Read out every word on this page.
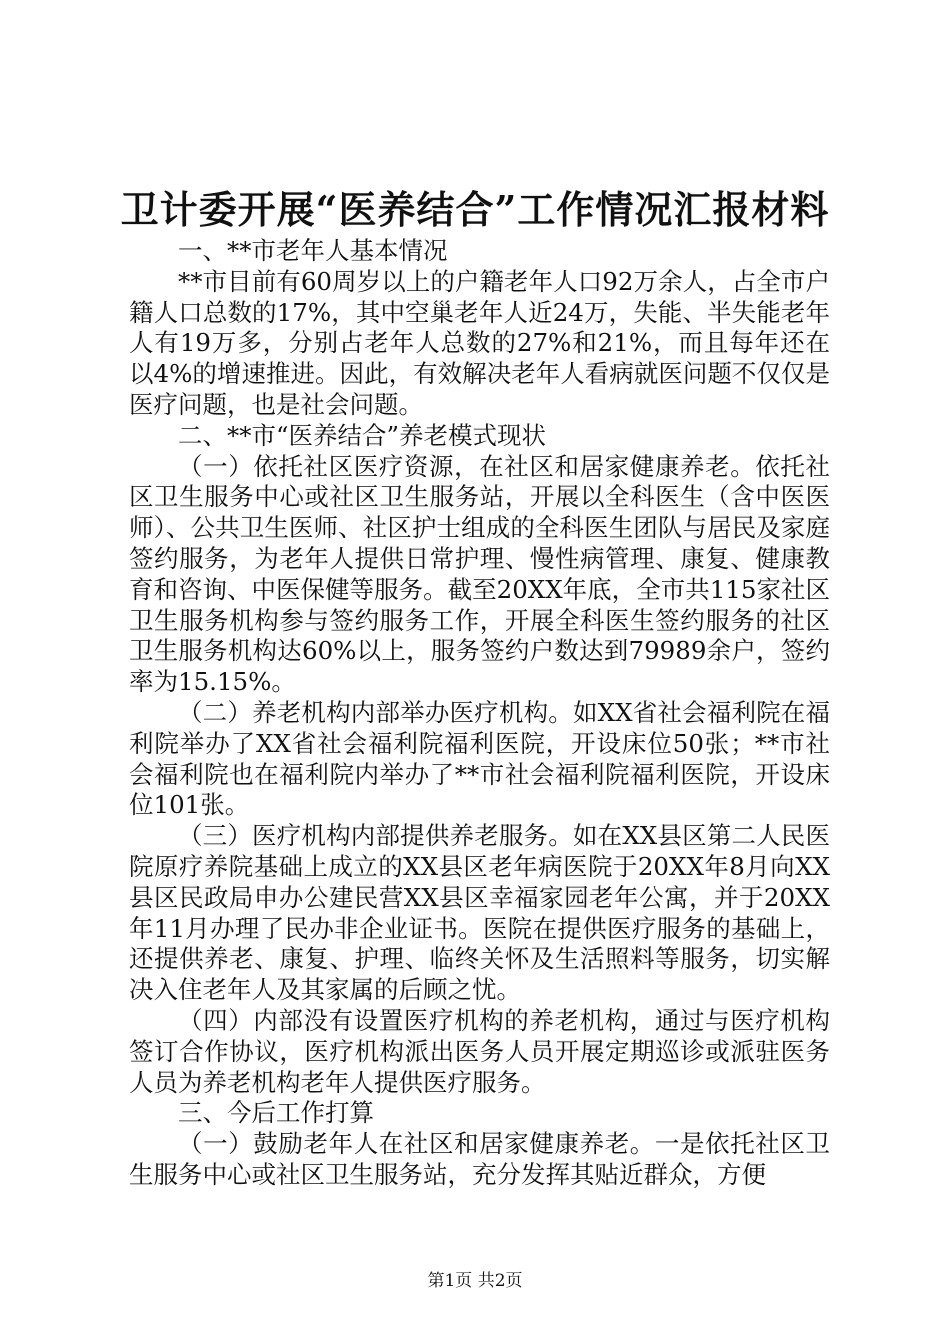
卫计委开展“医养结合”工作情况汇报材料

一、**市老年人基本情况

**市目前有60周岁以上的户籍老年人口92万余人，占全市户籍人口总数的17%，其中空巢老年人近24万，失能、半失能老年人有19万多，分别占老年人总数的27%和21%，而且每年还在以4%的增速推进。因此，有效解决老年人看病就医问题不仅仅是医疗问题，也是社会问题。

二、**市“医养结合”养老模式现状

（一）依托社区医疗资源，在社区和居家健康养老。依托社区卫生服务中心或社区卫生服务站，开展以全科医生（含中医医师）、公共卫生医师、社区护士组成的全科医生团队与居民及家庭签约服务，为老年人提供日常护理、慢性病管理、康复、健康教育和咨询、中医保健等服务。截至20XX年底，全市共115家社区卫生服务机构参与签约服务工作，开展全科医生签约服务的社区卫生服务机构达60%以上，服务签约户数达到79989余户，签约率为15.15%。

（二）养老机构内部举办医疗机构。如XX省社会福利院在福利院举办了XX省社会福利院福利医院，开设床位50张；**市社会福利院也在福利院内举办了**市社会福利院福利医院，开设床位101张。

（三）医疗机构内部提供养老服务。如在XX县区第二人民医院原疗养院基础上成立的XX县区老年病医院于20XX年8月向XX县区民政局申办公建民营XX县区幸福家园老年公寓，并于20XX年11月办理了民办非企业证书。医院在提供医疗服务的基础上，还提供养老、康复、护理、临终关怀及生活照料等服务，切实解决入住老年人及其家属的后顾之忧。

（四）内部没有设置医疗机构的养老机构，通过与医疗机构签订合作协议，医疗机构派出医务人员开展定期巡诊或派驻医务人员为养老机构老年人提供医疗服务。

三、今后工作打算

（一）鼓励老年人在社区和居家健康养老。一是依托社区卫生服务中心或社区卫生服务站，充分发挥其贴近群众，方便

第1页 共2页
